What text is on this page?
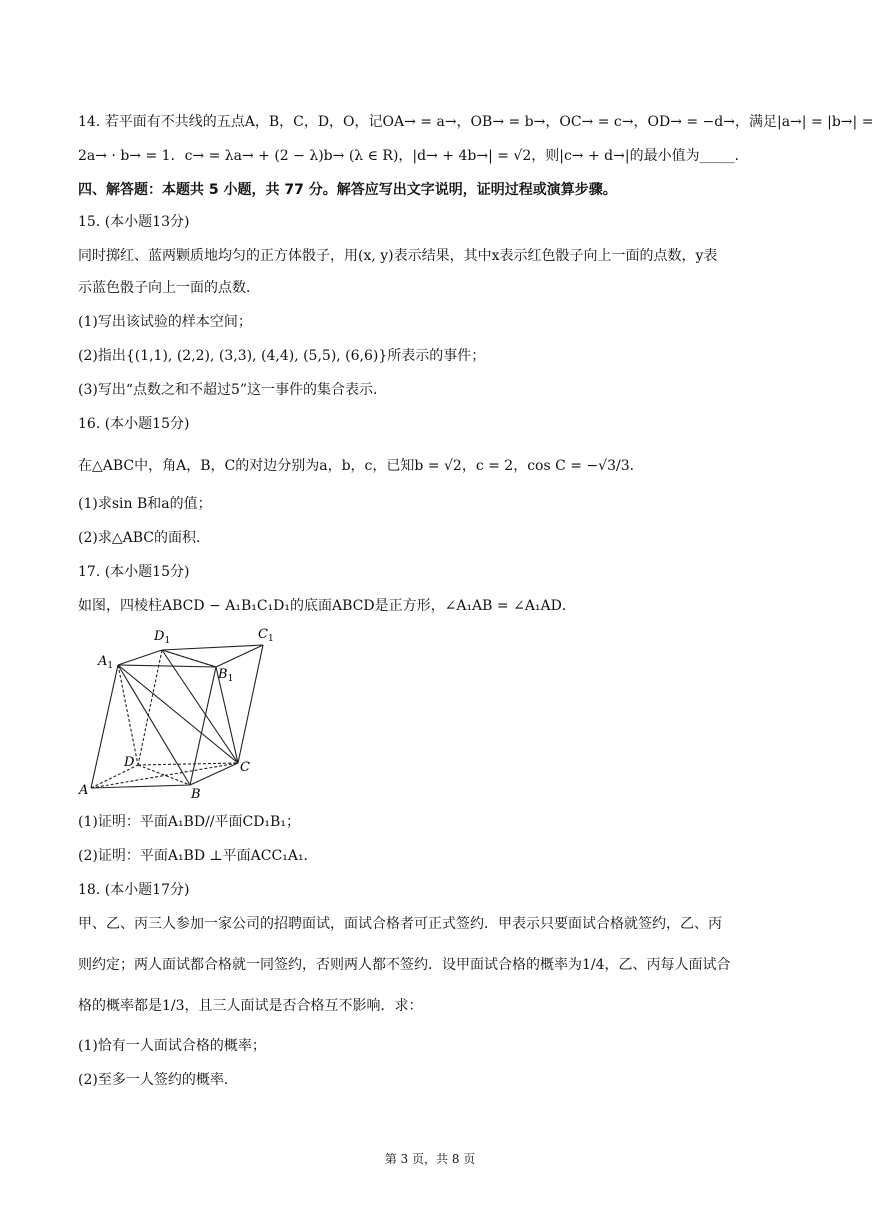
14. 若平面有不共线的五点A，B，C，D，O，记OA→ = a→，OB→ = b→，OC→ = c→，OD→ = −d→，满足|a→| = |b→| =
2a→ · b→ = 1．c→ = λa→ + (2 − λ)b→ (λ ∈ R)，|d→ + 4b→| = √2，则|c→ + d→|的最小值为_____．
四、解答题：本题共 5 小题，共 77 分。解答应写出文字说明，证明过程或演算步骤。
15. (本小题13分)
同时掷红、蓝两颗质地均匀的正方体骰子，用(x, y)表示结果，其中x表示红色骰子向上一面的点数，y表
示蓝色骰子向上一面的点数．
(1)写出该试验的样本空间；
(2)指出{(1,1), (2,2), (3,3), (4,4), (5,5), (6,6)}所表示的事件；
(3)写出“点数之和不超过5”这一事件的集合表示．
16. (本小题15分)
在△ABC中，角A，B，C的对边分别为a，b，c，已知b = √2，c = 2，cos C = −√3/3．
(1)求sin B和a的值；
(2)求△ABC的面积．
17. (本小题15分)
如图，四棱柱ABCD − A₁B₁C₁D₁的底面ABCD是正方形，∠A₁AB = ∠A₁AD．
$D_1$	$C_1$
$A_1$
$B_1$
D	C
A	B
(1)证明：平面A₁BD//平面CD₁B₁；
(2)证明：平面A₁BD ⊥平面ACC₁A₁．
18. (本小题17分)
甲、乙、丙三人参加一家公司的招聘面试，面试合格者可正式签约．甲表示只要面试合格就签约，乙、丙
则约定；两人面试都合格就一同签约，否则两人都不签约．设甲面试合格的概率为1/4，乙、丙每人面试合
格的概率都是1/3，且三人面试是否合格互不影响．求：
(1)恰有一人面试合格的概率；
(2)至多一人签约的概率．
第 3 页，共 8 页
